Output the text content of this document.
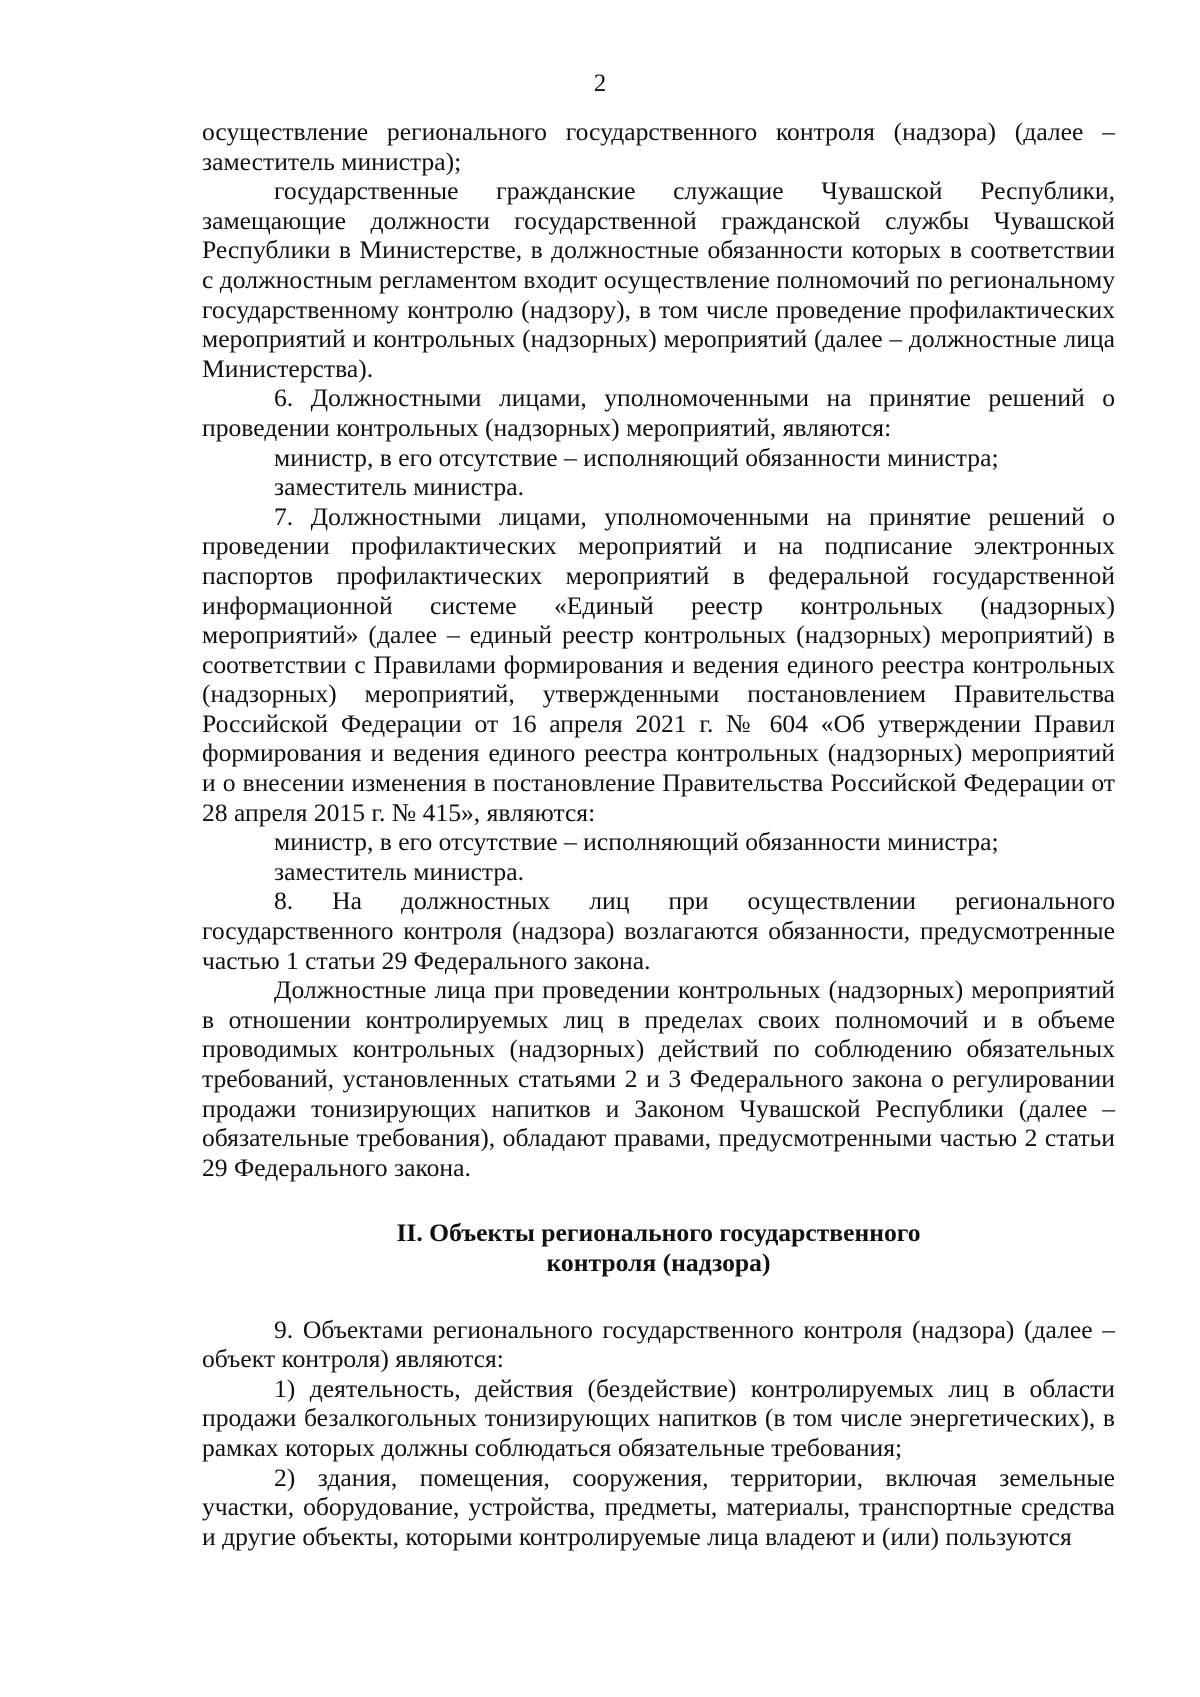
2

осуществление регионального государственного контроля (надзора) (далее – заместитель министра);

государственные гражданские служащие Чувашской Республики, замещающие должности государственной гражданской службы Чувашской Республики в Министерстве, в должностные обязанности которых в соответствии с должностным регламентом входит осуществление полномочий по региональному государственному контролю (надзору), в том числе проведение профилактических мероприятий и контрольных (надзорных) мероприятий (далее – должностные лица Министерства).

6. Должностными лицами, уполномоченными на принятие решений о проведении контрольных (надзорных) мероприятий, являются:

министр, в его отсутствие – исполняющий обязанности министра;

заместитель министра.

7. Должностными лицами, уполномоченными на принятие решений о проведении профилактических мероприятий и на подписание электронных паспортов профилактических мероприятий в федеральной государственной информационной системе «Единый реестр контрольных (надзорных) мероприятий» (далее – единый реестр контрольных (надзорных) мероприятий) в соответствии с Правилами формирования и ведения единого реестра контрольных (надзорных) мероприятий, утвержденными постановлением Правительства Российской Федерации от 16 апреля 2021 г. № 604 «Об утверждении Правил формирования и ведения единого реестра контрольных (надзорных) мероприятий и о внесении изменения в постановление Правительства Российской Федерации от 28 апреля 2015 г. № 415», являются:

министр, в его отсутствие – исполняющий обязанности министра;

заместитель министра.

8. На должностных лиц при осуществлении регионального государственного контроля (надзора) возлагаются обязанности, предусмотренные частью 1 статьи 29 Федерального закона.

Должностные лица при проведении контрольных (надзорных) мероприятий в отношении контролируемых лиц в пределах своих полномочий и в объеме проводимых контрольных (надзорных) действий по соблюдению обязательных требований, установленных статьями 2 и 3 Федерального закона о регулировании продажи тонизирующих напитков и Законом Чувашской Республики (далее – обязательные требования), обладают правами, предусмотренными частью 2 статьи 29 Федерального закона.

II. Объекты регионального государственного
контроля (надзора)

9. Объектами регионального государственного контроля (надзора) (далее – объект контроля) являются:

1) деятельность, действия (бездействие) контролируемых лиц в области продажи безалкогольных тонизирующих напитков (в том числе энергетических), в рамках которых должны соблюдаться обязательные требования;

2) здания, помещения, сооружения, территории, включая земельные участки, оборудование, устройства, предметы, материалы, транспортные средства и другие объекты, которыми контролируемые лица владеют и (или) пользуются
